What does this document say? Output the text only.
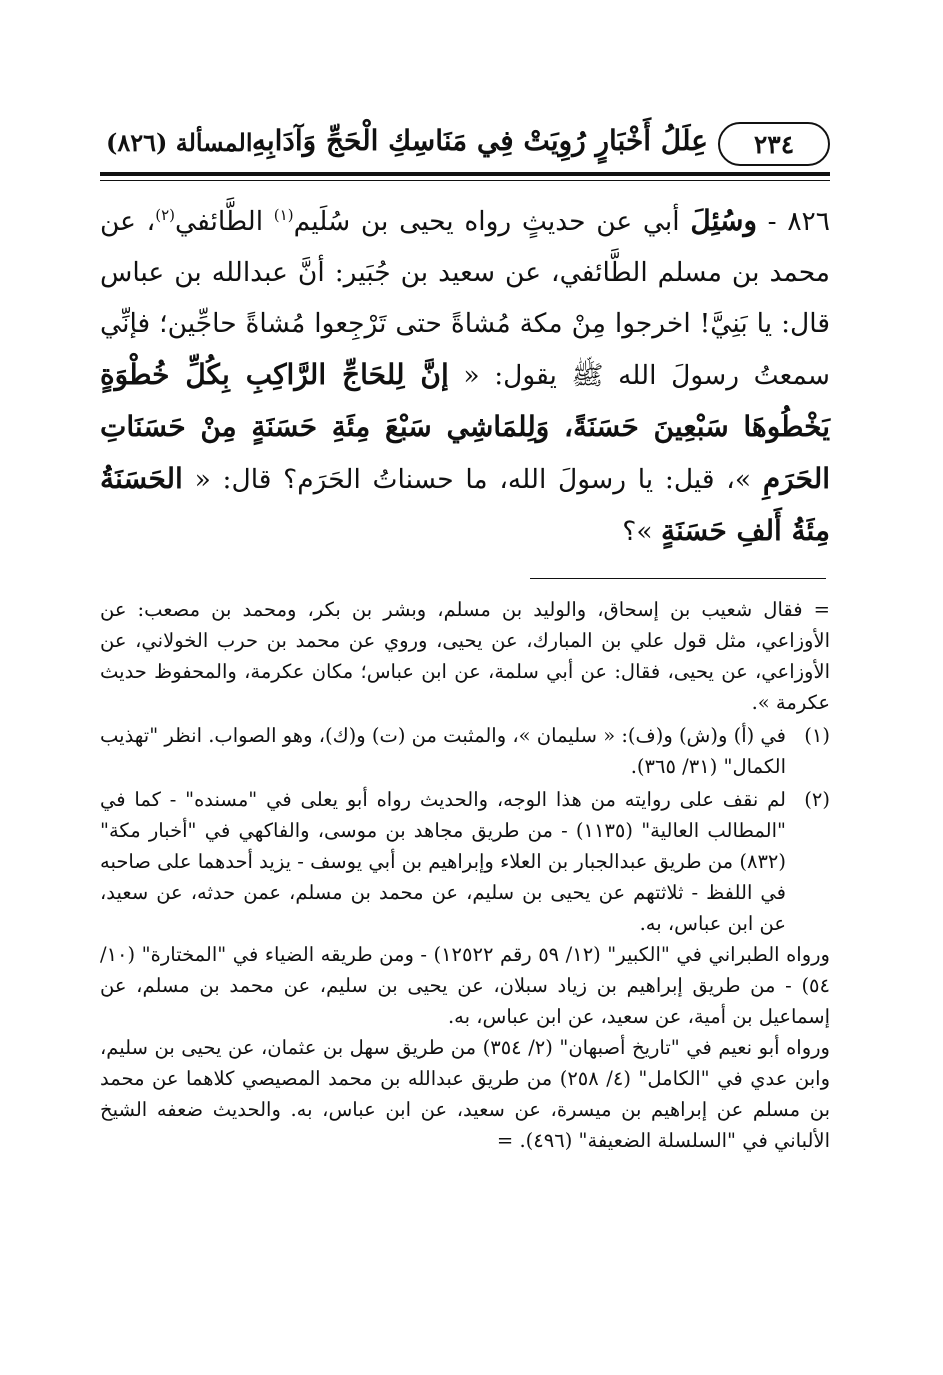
٢٣٤
عِلَلُ أَخْبَارٍ رُوِيَتْ فِي مَنَاسِكِ الْحَجِّ وَآدَابِهِ
المسألة (٨٢٦)

٨٢٦ - وسُئِلَ أبي عن حديثٍ رواه يحيى بن سُلَيم$^{(١)}$ الطَّائفي$^{(٢)}$، عن محمد بن مسلم الطَّائفي، عن سعيد بن جُبَير: أنَّ عبدالله بن عباس قال: يا بَنِيَّ! اخرجوا مِنْ مكة مُشاةً حتى تَرْجِعوا مُشاةً حاجِّين؛ فإنِّي سمعتُ رسولَ الله ﷺ يقول: « إنَّ لِلحَاجِّ الرَّاكِبِ بِكُلِّ خُطْوَةٍ يَخْطُوهَا سَبْعِينَ حَسَنَةً، وَلِلمَاشِي سَبْعَ مِئَةِ حَسَنَةٍ مِنْ حَسَنَاتِ الحَرَمِ »، قيل: يا رسولَ الله، ما حسناتُ الحَرَم؟ قال: « الحَسَنَةُ مِئَةُ أَلفِ حَسَنَةٍ »؟

= فقال شعيب بن إسحاق، والوليد بن مسلم، وبشر بن بكر، ومحمد بن مصعب: عن الأوزاعي، مثل قول علي بن المبارك، عن يحيى، وروي عن محمد بن حرب الخولاني، عن الأوزاعي، عن يحيى، فقال: عن أبي سلمة، عن ابن عباس؛ مكان عكرمة، والمحفوظ حديث عكرمة ».

(١)

في (أ) و(ش) و(ف): « سليمان »، والمثبت من (ت) و(ك)، وهو الصواب. انظر "تهذيب الكمال" (٣١/ ٣٦٥).

(٢)

لم نقف على روايته من هذا الوجه، والحديث رواه أبو يعلى في "مسنده" - كما في "المطالب العالية" (١١٣٥) - من طريق مجاهد بن موسى، والفاكهي في "أخبار مكة" (٨٣٢) من طريق عبدالجبار بن العلاء وإبراهيم بن أبي يوسف - يزيد أحدهما على صاحبه في اللفظ - ثلاثتهم عن يحيى بن سليم، عن محمد بن مسلم، عمن حدثه، عن سعيد، عن ابن عباس، به.

ورواه الطبراني في "الكبير" (١٢/ ٥٩ رقم ١٢٥٢٢) - ومن طريقه الضياء في "المختارة" (١٠/ ٥٤) - من طريق إبراهيم بن زياد سبلان، عن يحيى بن سليم، عن محمد بن مسلم، عن إسماعيل بن أمية، عن سعيد، عن ابن عباس، به.

ورواه أبو نعيم في "تاريخ أصبهان" (٢/ ٣٥٤) من طريق سهل بن عثمان، عن يحيى بن سليم، وابن عدي في "الكامل" (٤/ ٢٥٨) من طريق عبدالله بن محمد المصيصي كلاهما عن محمد بن مسلم عن إبراهيم بن ميسرة، عن سعيد، عن ابن عباس، به. والحديث ضعفه الشيخ الألباني في "السلسلة الضعيفة" (٤٩٦). =
